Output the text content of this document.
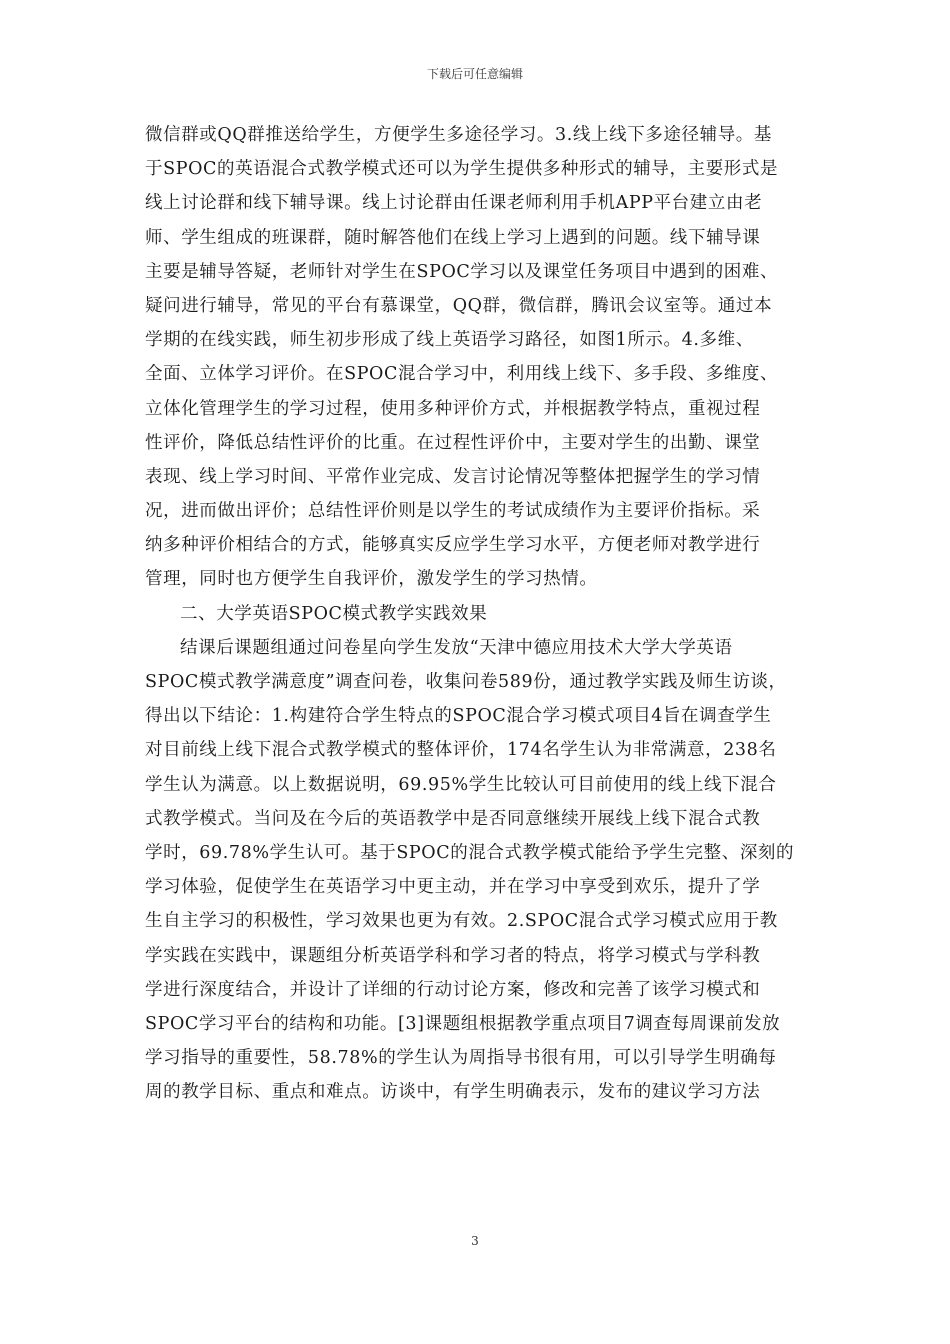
下载后可任意编辑
微信群或QQ群推送给学生，方便学生多途径学习。3.线上线下多途径辅导。基
于SPOC的英语混合式教学模式还可以为学生提供多种形式的辅导，主要形式是
线上讨论群和线下辅导课。线上讨论群由任课老师利用手机APP平台建立由老
师、学生组成的班课群，随时解答他们在线上学习上遇到的问题。线下辅导课
主要是辅导答疑，老师针对学生在SPOC学习以及课堂任务项目中遇到的困难、
疑问进行辅导，常见的平台有慕课堂，QQ群，微信群，腾讯会议室等。通过本
学期的在线实践，师生初步形成了线上英语学习路径，如图1所示。4.多维、
全面、立体学习评价。在SPOC混合学习中，利用线上线下、多手段、多维度、
立体化管理学生的学习过程，使用多种评价方式，并根据教学特点，重视过程
性评价，降低总结性评价的比重。在过程性评价中，主要对学生的出勤、课堂
表现、线上学习时间、平常作业完成、发言讨论情况等整体把握学生的学习情
况，进而做出评价；总结性评价则是以学生的考试成绩作为主要评价指标。采
纳多种评价相结合的方式，能够真实反应学生学习水平，方便老师对教学进行
管理，同时也方便学生自我评价，激发学生的学习热情。
二、大学英语SPOC模式教学实践效果
结课后课题组通过问卷星向学生发放“天津中德应用技术大学大学英语
SPOC模式教学满意度”调查问卷，收集问卷589份，通过教学实践及师生访谈，
得出以下结论：1.构建符合学生特点的SPOC混合学习模式项目4旨在调查学生
对目前线上线下混合式教学模式的整体评价，174名学生认为非常满意，238名
学生认为满意。以上数据说明，69.95%学生比较认可目前使用的线上线下混合
式教学模式。当问及在今后的英语教学中是否同意继续开展线上线下混合式教
学时，69.78%学生认可。基于SPOC的混合式教学模式能给予学生完整、深刻的
学习体验，促使学生在英语学习中更主动，并在学习中享受到欢乐，提升了学
生自主学习的积极性，学习效果也更为有效。2.SPOC混合式学习模式应用于教
学实践在实践中，课题组分析英语学科和学习者的特点，将学习模式与学科教
学进行深度结合，并设计了详细的行动讨论方案，修改和完善了该学习模式和
SPOC学习平台的结构和功能。[3]课题组根据教学重点项目7调查每周课前发放
学习指导的重要性，58.78%的学生认为周指导书很有用，可以引导学生明确每
周的教学目标、重点和难点。访谈中，有学生明确表示，发布的建议学习方法
3
